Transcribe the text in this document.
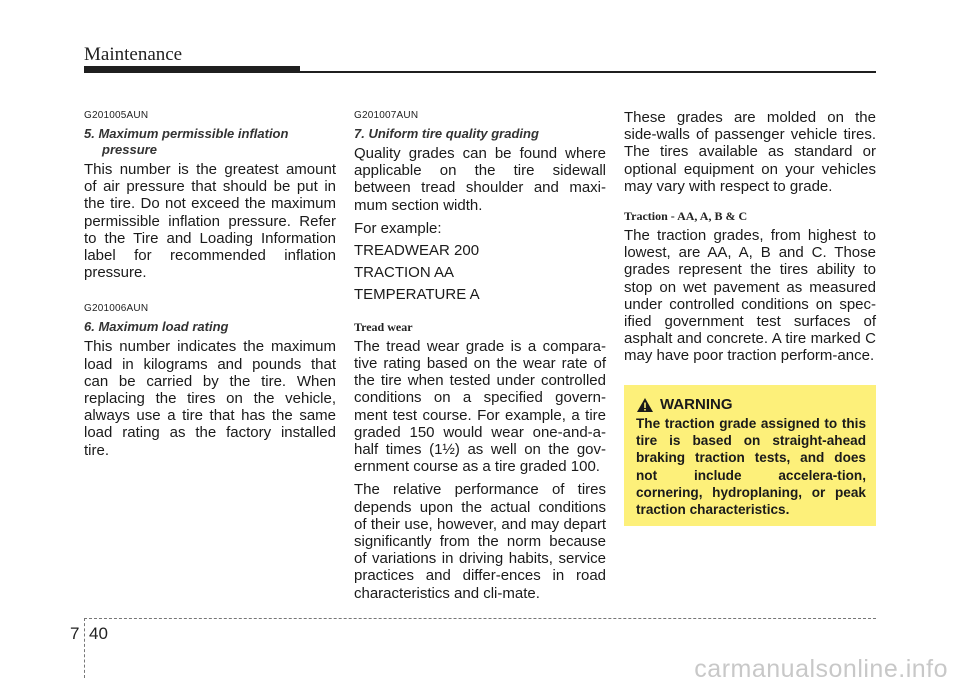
Maintenance
G201005AUN
5. Maximum permissible inflation pressure

This number is the greatest amount of air pressure that should be put in the tire. Do not exceed the maximum permissible inflation pressure. Refer to the Tire and Loading Information label for recommended inflation pressure.

G201006AUN
6. Maximum load rating

This number indicates the maximum load in kilograms and pounds that can be carried by the tire. When replacing the tires on the vehicle, always use a tire that has the same load rating as the factory installed tire.

G201007AUN
7. Uniform tire quality grading

Quality grades can be found where applicable on the tire sidewall between tread shoulder and maxi-mum section width.

For example:
TREADWEAR 200
TRACTION AA
TEMPERATURE A
Tread wear

The tread wear grade is a compara-tive rating based on the wear rate of the tire when tested under controlled conditions on a specified govern-ment test course. For example, a tire graded 150 would wear one-and-a-half times (1½) as well on the gov-ernment course as a tire graded 100.

The relative performance of tires depends upon the actual conditions of their use, however, and may depart significantly from the norm because of variations in driving habits, service practices and differ-ences in road characteristics and cli-mate.

These grades are molded on the side-walls of passenger vehicle tires. The tires available as standard or optional equipment on your vehicles may vary with respect to grade.

Traction - AA, A, B & C

The traction grades, from highest to lowest, are AA, A, B and C. Those grades represent the tires ability to stop on wet pavement as measured under controlled conditions on spec-ified government test surfaces of asphalt and concrete. A tire marked C may have poor traction perform-ance.

WARNING

The traction grade assigned to this tire is based on straight-ahead braking traction tests, and does not include accelera-tion, cornering, hydroplaning, or peak traction characteristics.

7 40
carmanualsonline.info
